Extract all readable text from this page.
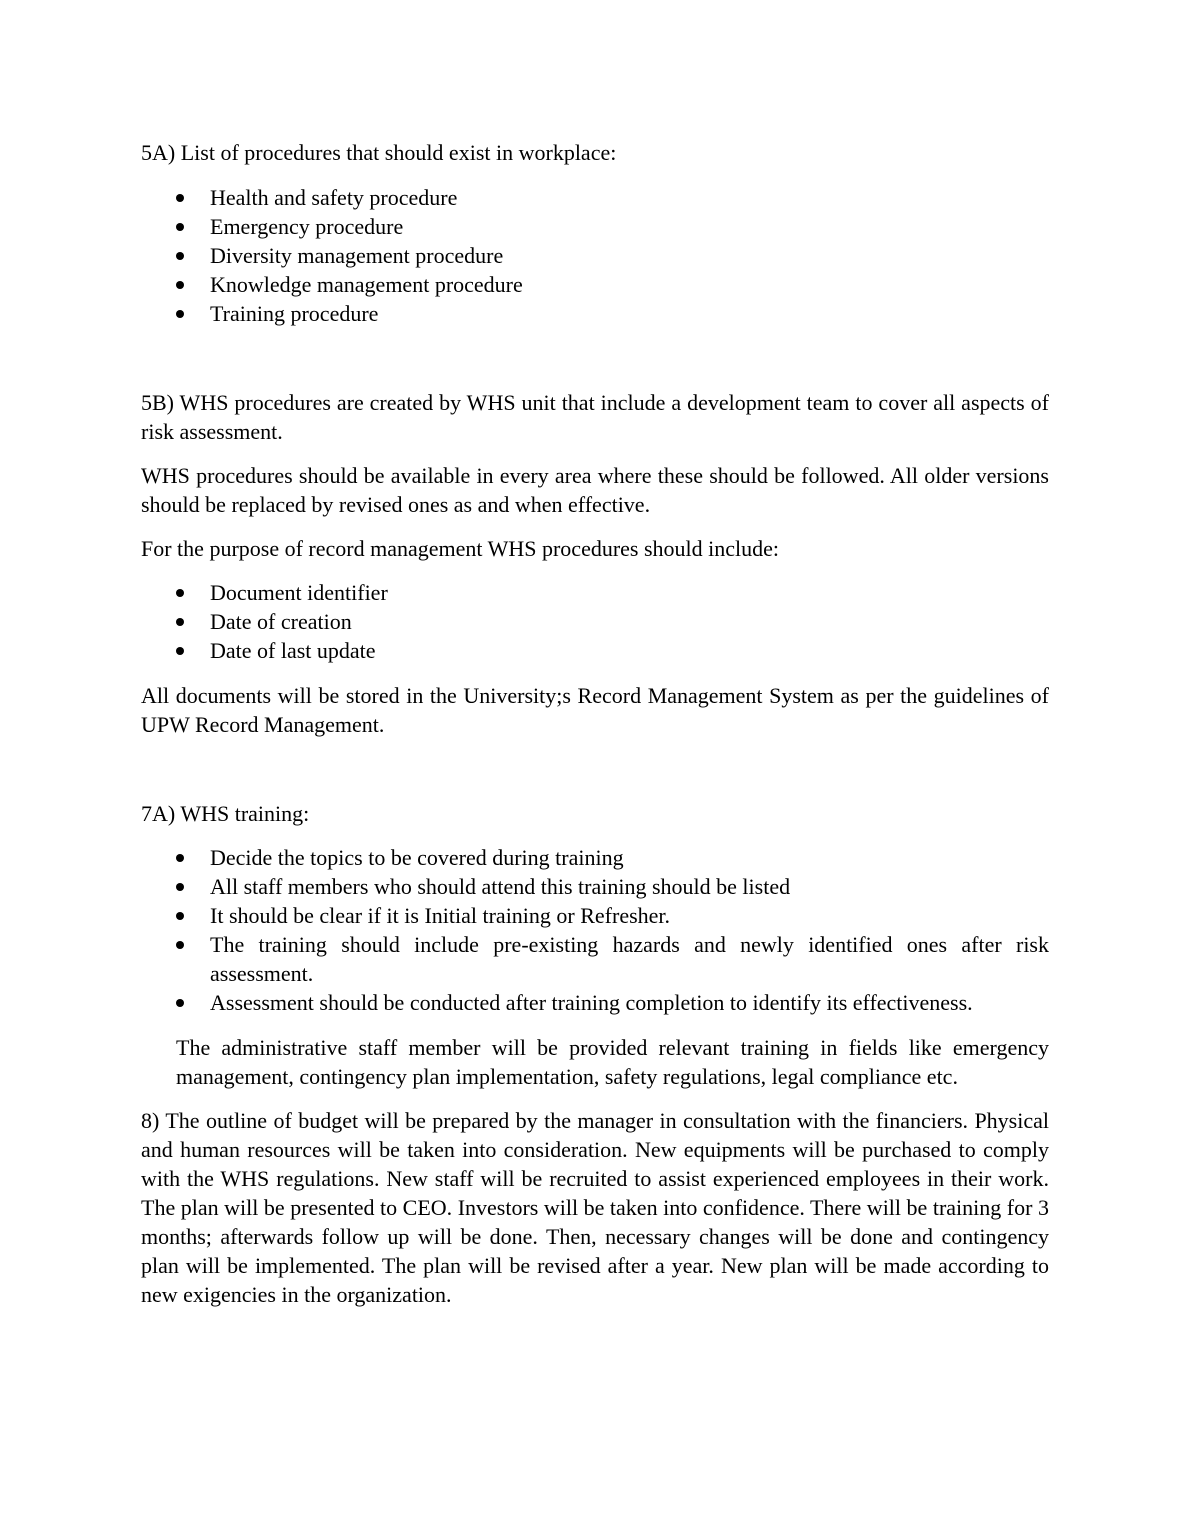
5A) List of procedures that should exist in workplace:

Health and safety procedure
Emergency procedure
Diversity management procedure
Knowledge management procedure
Training procedure

5B) WHS procedures are created by WHS unit that include a development team to cover all aspects of risk assessment.

WHS procedures should be available in every area where these should be followed. All older versions should be replaced by revised ones as and when effective.

For the purpose of record management WHS procedures should include:

Document identifier
Date of creation
Date of last update

All documents will be stored in the University;s Record Management System as per the guidelines of UPW Record Management.

7A) WHS training:

Decide the topics to be covered during training
All staff members who should attend this training should be listed
It should be clear if it is Initial training or Refresher.
The training should include pre-existing hazards and newly identified ones after risk assessment.
Assessment should be conducted after training completion to identify its effectiveness.

The administrative staff member will be provided relevant training in fields like emergency management, contingency plan implementation, safety regulations, legal compliance etc.

8) The outline of budget will be prepared by the manager in consultation with the financiers. Physical and human resources will be taken into consideration. New equipments will be purchased to comply with the WHS regulations. New staff will be recruited to assist experienced employees in their work. The plan will be presented to CEO. Investors will be taken into confidence. There will be training for 3 months; afterwards follow up will be done. Then, necessary changes will be done and contingency plan will be implemented. The plan will be revised after a year. New plan will be made according to new exigencies in the organization.
